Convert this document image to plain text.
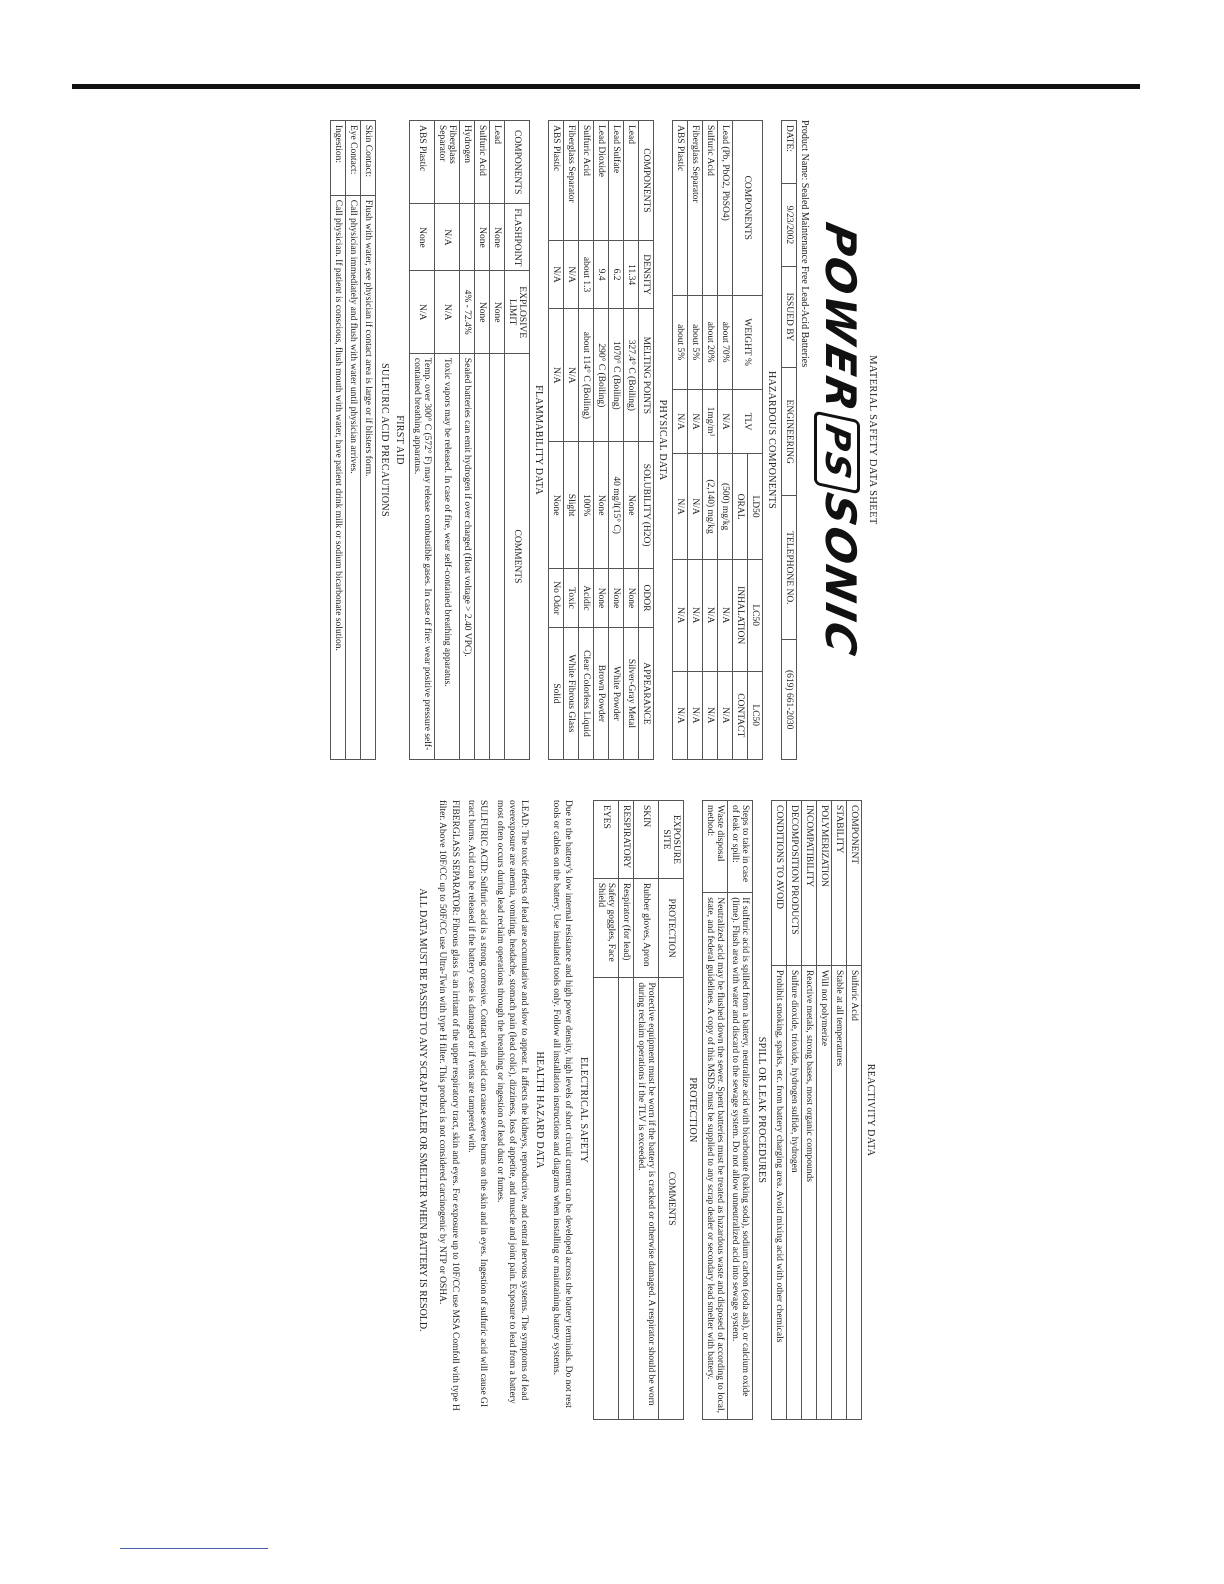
MATERIAL SAFETY DATA SHEET
POWERPSSONIC
Product Name: Sealed Maintenance Free Lead-Acid Batteries
DATE:	9/23/2002	ISSUED BY	ENGINEERING	TELEPHONE NO.	(619) 661-2030
HAZARDOUS COMPONENTS
COMPONENTS	WEIGHT %	TLV	LD50	LC50	LC50
			ORAL	INHALATION	CONTACT
Lead (Pb, PbO2, PbSO4)	about 70%	N/A	(500) mg/kg	N/A	N/A
Sulfuric Acid	about 20%	1mg/m³	(2,140) mg/kg	N/A	N/A
Fiberglass Separator	about 5%	N/A	N/A	N/A	N/A
ABS Plastic	about 5%	N/A	N/A	N/A	N/A
PHYSICAL DATA
COMPONENTS	DENSITY	MELTING POINTS	SOLUBILITY (H2O)	ODOR	APPEARANCE
Lead	11.34	327.4° C (Boiling)	None	None	Silver-Gray Metal
Lead Sulfate	6.2	1070° C (Boiling)	40 mg/l(15° C)	None	White Powder
Lead Dioxide	9.4	290° C (Boiling)	None	None	Brown Powder
Sulfuric Acid	about 1.3	about 114° C (Boiling)	100%	Acidic	Clear Colorless Liquid
Fiberglass Separator	N/A	N/A	Slight	Toxic	White Fibrous Glass
ABS Plastic	N/A	N/A	None	No Odor	Solid
FLAMMABILITY DATA
COMPONENTS	FLASHPOINT	EXPLOSIVE LIMIT	COMMENTS
Lead	None	None	
Sulfuric Acid	None	None	
Hydrogen		4% - 72.4%	Sealed batteries can emit hydrogen if over charged (float voltage > 2.40 VPC).
Fiberglass Separator	N/A	N/A	Toxic vapors may be released. In case of fire, wear self-contained breathing apparatus.
ABS Plastic	None	N/A	Temp. over 300° C (572° F) may release combustible gases. In case of fire: wear positive pressure self-contained breathing apparatus.
FIRST AID
SULFURIC ACID PRECAUTIONS
Skin Contact:	Flush with water, see physician if contact area is large or if blisters form.
Eye Contact:	Call physician immediately and flush with water until physician arrives.
Ingestion:	Call physician. If patient is conscious, flush mouth with water, have patient drink milk or sodium bicarbonate solution.
REACTIVITY DATA
COMPONENT	Sulfuric Acid
STABILITY	Stable at all temperatures
POLYMERIZATION	Will not polymerize
INCOMPATIBILITY	Reactive metals, strong bases, most organic compounds
DECOMPOSITION PRODUCTS	Sulfure dioxide, trioxide, hydrogen sulfide, hydrogen
CONDITIONS TO AVOID	Prohibit smoking, sparks, etc. from battery charging area. Avoid mixing acid with other chemicals
SPILL OR LEAK PROCEDURES
Steps to take in case of leak or spill:	If sulfuric acid is spilled from a battery, neutralize acid with bicarbonate (baking soda), sodium carbon (soda ash), or calcium oxide (lime). Flush area with water and discard to the sewage system. Do not allow unneutralized acid into sewage system.
Waste disposal method:	Neutralized acid may be flushed down the sewer. Spent batteries must be treated as hazardous waste and disposed of according to local, state, and federal guidelines. A copy of this MSDS must be supplied to any scrap dealer or secondary lead smelter with battery.
PROTECTION
EXPOSURE SITE	PROTECTION	COMMENTS
SKIN	Rubber gloves, Apron	Protective equipment must be worn if the battery is cracked or otherwise damaged. A respirator should be worn during reclaim operations if the TLV is exceeded.
RESPIRATORY	Respirator (for lead)	
EYES	Safety goggles, Face Shield	
ELECTRICAL SAFETY
Due to the battery's low internal resistance and high power density, high levels of short circuit current can be developed across the battery terminals. Do not rest tools or cables on the battery. Use insulated tools only. Follow all installation instructions and diagrams when installing or maintaining battery systems.
HEALTH HAZARD DATA
LEAD: The toxic effects of lead are accumulative and slow to appear. It affects the kidneys, reproductive, and central nervous systems. The symptoms of lead overexposure are anemia, vomiting, headache, stomach pain (lead colic), dizziness, loss of appetite, and muscle and joint pain. Exposure to lead from a battery most often occurs during lead reclaim operations through the breathing or ingestion of lead dust or fumes.
SULFURIC ACID: Sulfuric acid is a strong corrosive. Contact with acid can cause severe burns on the skin and in eyes. Ingestion of sulfuric acid will cause GI tract burns. Acid can be released if the battery case is damaged or if vents are tampered with.
FIBERGLASS SEPARATOR: Fibrous glass is an irritant of the upper respiratory tract, skin and eyes. For exposure up to 10F/CC use MSA Comfoll with type H filter. Above 10F/CC up to 50F/CC use Ultra-Twin with type H filter. This product is not considered carcinogenic by NTP or OSHA.
ALL DATA MUST BE PASSED TO ANY SCRAP DEALER OR SMELTER WHEN BATTERY IS RESOLD.
